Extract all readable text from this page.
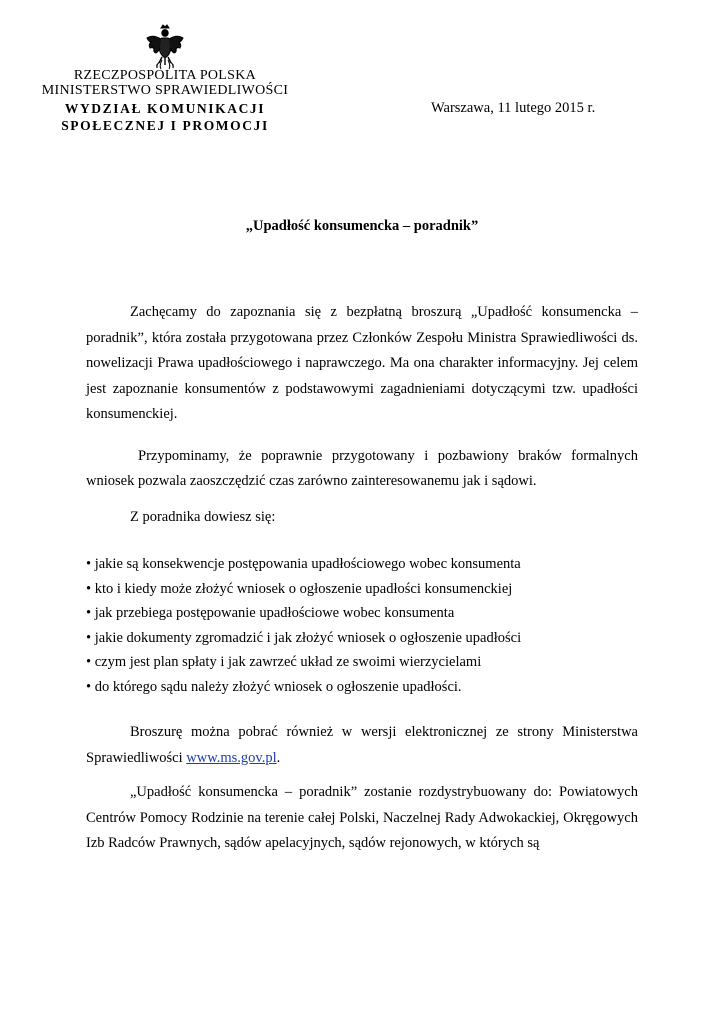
RZECZPOSPOLITA POLSKA
MINISTERSTWO SPRAWIEDLIWOŚCI
WYDZIAŁ KOMUNIKACJI
SPOŁECZNEJ I PROMOCJI
Warszawa, 11 lutego 2015 r.
„Upadłość konsumencka – poradnik”

Zachęcamy do zapoznania się z bezpłatną broszurą „Upadłość konsumencka – poradnik”, która została przygotowana przez Członków Zespołu Ministra Sprawiedliwości ds. nowelizacji Prawa upadłościowego i naprawczego. Ma ona charakter informacyjny. Jej celem jest zapoznanie konsumentów z podstawowymi zagadnieniami dotyczącymi tzw. upadłości konsumenckiej.

Przypominamy, że poprawnie przygotowany i pozbawiony braków formalnych wniosek pozwala zaoszczędzić czas zarówno zainteresowanemu jak i sądowi.

Z poradnika dowiesz się:

• jakie są konsekwencje postępowania upadłościowego wobec konsumenta
• kto i kiedy może złożyć wniosek o ogłoszenie upadłości konsumenckiej
• jak przebiega postępowanie upadłościowe wobec konsumenta
• jakie dokumenty zgromadzić i jak złożyć wniosek o ogłoszenie upadłości
• czym jest plan spłaty i jak zawrzeć układ ze swoimi wierzycielami
• do którego sądu należy złożyć wniosek o ogłoszenie upadłości.

Broszurę można pobrać również w wersji elektronicznej ze strony Ministerstwa Sprawiedliwości www.ms.gov.pl.

„Upadłość konsumencka – poradnik” zostanie rozdystrybuowany do: Powiatowych Centrów Pomocy Rodzinie na terenie całej Polski, Naczelnej Rady Adwokackiej, Okręgowych Izb Radców Prawnych, sądów apelacyjnych, sądów rejonowych, w których są
